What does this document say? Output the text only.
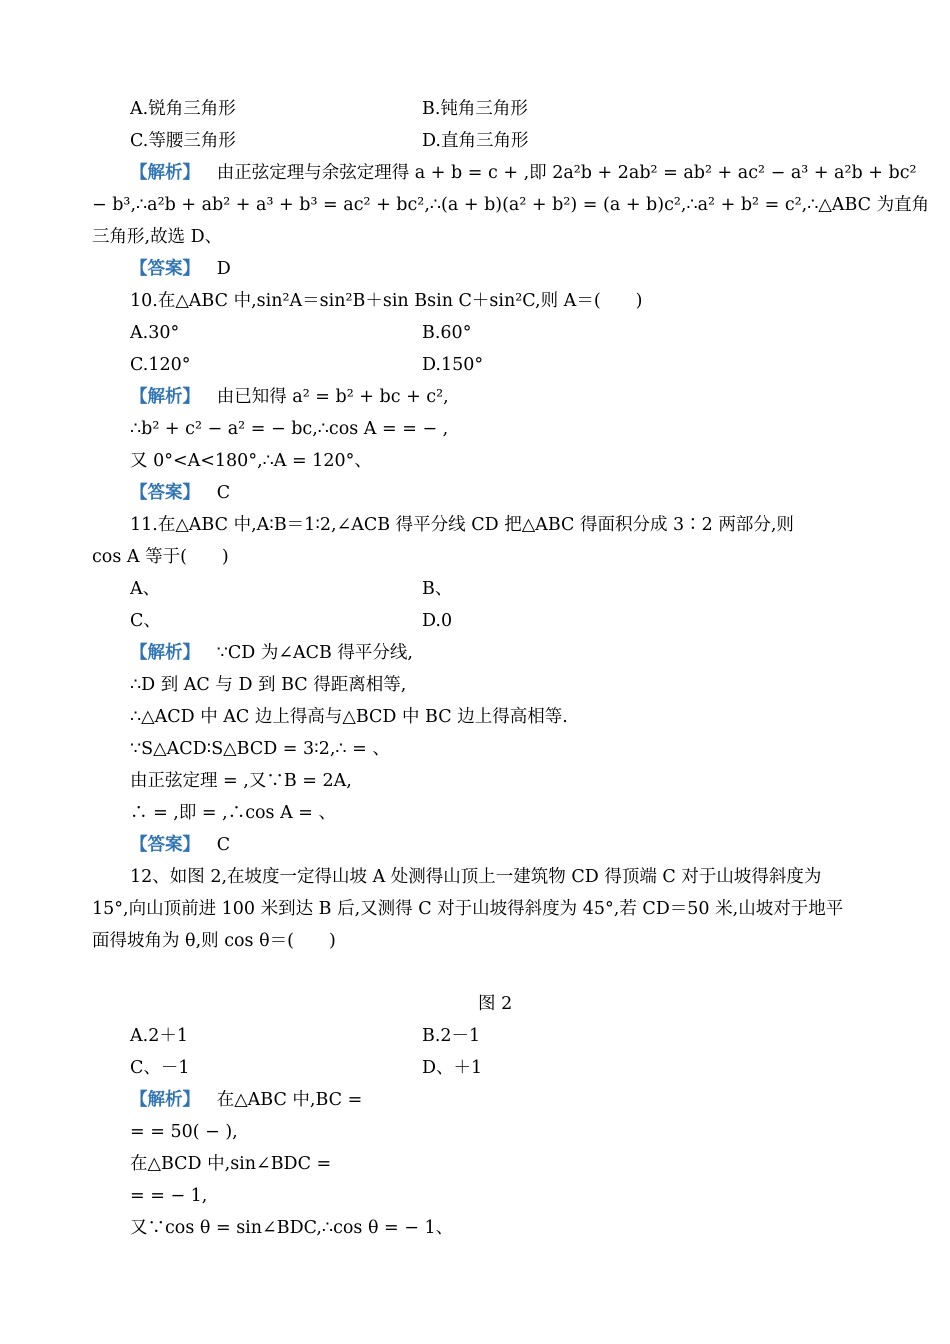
A.锐角三角形	B.钝角三角形
C.等腰三角形	D.直角三角形
【解析】 由正弦定理与余弦定理得 a + b = c + ,即 2a²b + 2ab² = ab² + ac² − a³ + a²b + bc²
− b³,∴a²b + ab² + a³ + b³ = ac² + bc²,∴(a + b)(a² + b²) = (a + b)c²,∴a² + b² = c²,∴△ABC 为直角
三角形,故选 D、
【答案】 D
10.在△ABC 中,sin²A＝sin²B＋sin Bsin C＋sin²C,则 A＝(　　)
A.30°	B.60°
C.120°	D.150°
【解析】 由已知得 a² = b² + bc + c²,
∴b² + c² − a² = − bc,∴cos A = = − ,
又 0°<A<180°,∴A = 120°、
【答案】 C
11.在△ABC 中,A∶B＝1∶2,∠ACB 得平分线 CD 把△ABC 得面积分成 3∶2 两部分,则
cos A 等于(　　)
A、	B、
C、	D.0
【解析】 ∵CD 为∠ACB 得平分线,
∴D 到 AC 与 D 到 BC 得距离相等,
∴△ACD 中 AC 边上得高与△BCD 中 BC 边上得高相等.
∵S△ACD∶S△BCD = 3∶2,∴ = 、
由正弦定理 = ,又∵B = 2A,
∴ = ,即 = ,∴cos A = 、
【答案】 C
12、如图 2,在坡度一定得山坡 A 处测得山顶上一建筑物 CD 得顶端 C 对于山坡得斜度为
15°,向山顶前进 100 米到达 B 后,又测得 C 对于山坡得斜度为 45°,若 CD＝50 米,山坡对于地平
面得坡角为 θ,则 cos θ＝(　　)
图 2
A.2＋1	B.2－1
C、－1	D、＋1
【解析】 在△ABC 中,BC =
= = 50( − ),
在△BCD 中,sin∠BDC =
= = − 1,
又∵cos θ = sin∠BDC,∴cos θ = − 1、
